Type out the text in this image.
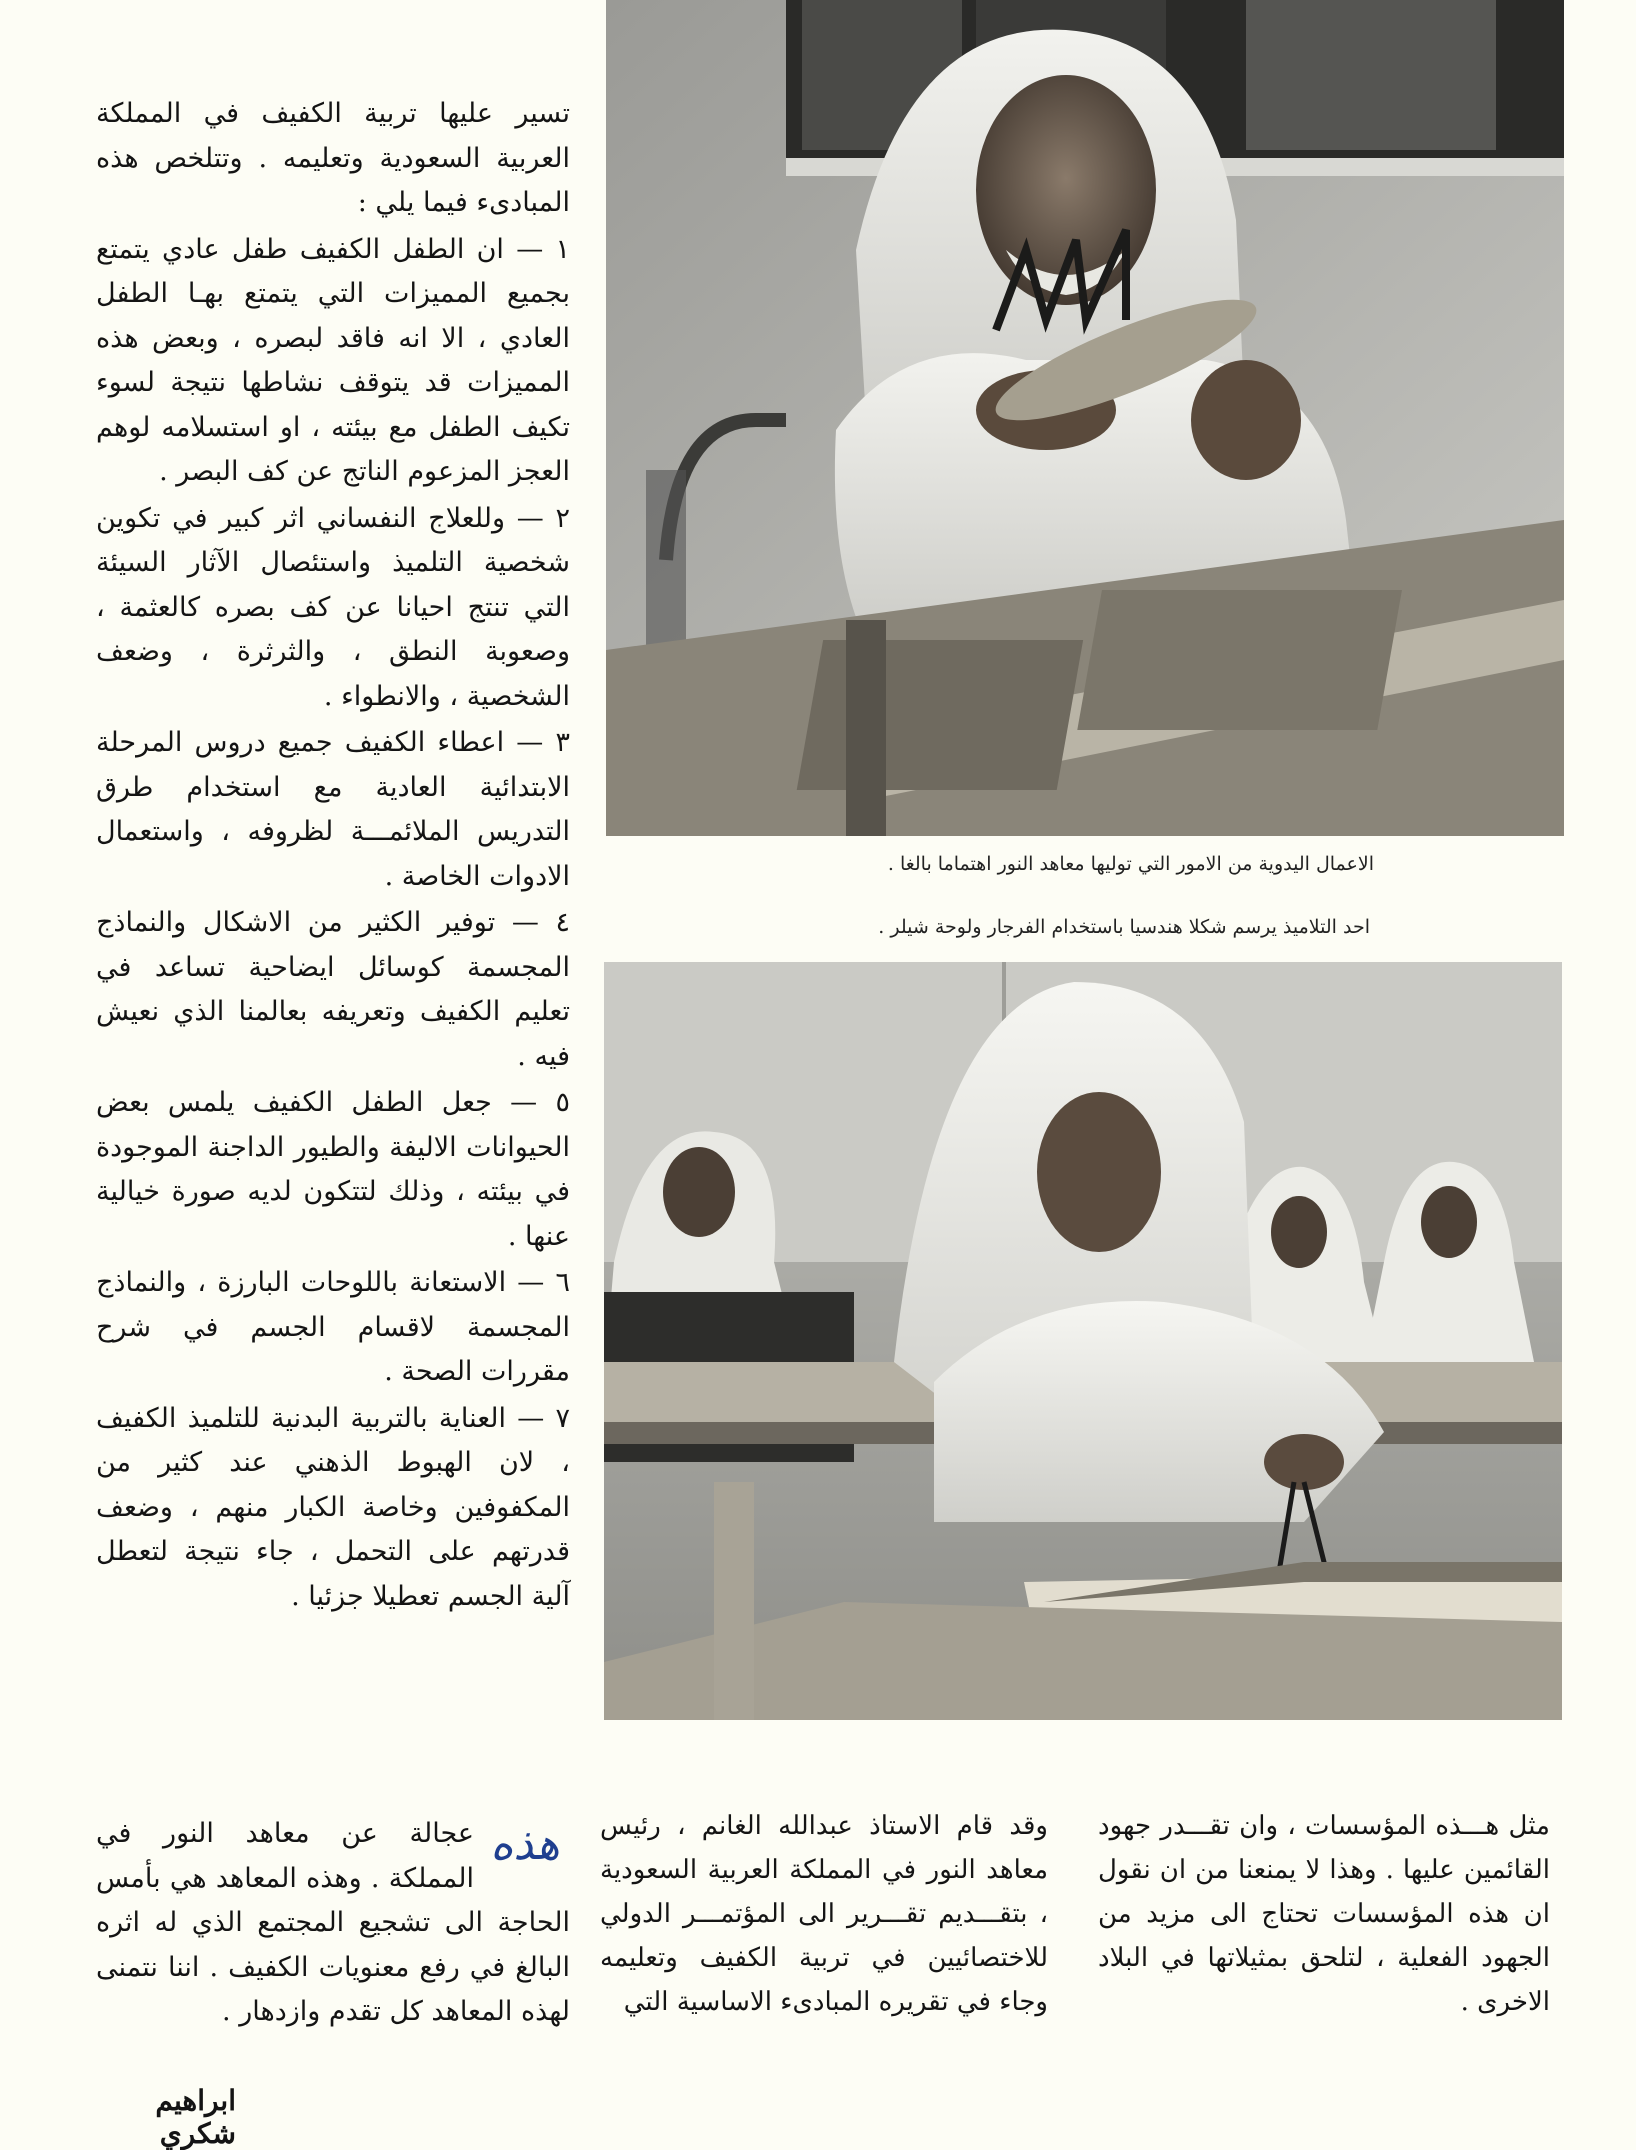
تسير عليها تربية الكفيف في المملكة العربية السعودية وتعليمه . وتتلخص هذه المبادىء فيما يلي :

١ — ان الطفل الكفيف طفل عادي يتمتع بجميع المميزات التي يتمتع بهـا الطفل العادي ، الا انه فاقد لبصره ، وبعض هذه المميزات قد يتوقف نشاطها نتيجة لسوء تكيف الطفل مع بيئته ، او استسلامه لوهم العجز المزعوم الناتج عن كف البصر .

٢ — وللعلاج النفساني اثر كبير في تكوين شخصية التلميذ واستئصال الآثار السيئة التي تنتج احيانا عن كف بصره كالعثمة ، وصعوبة النطق ، والثرثرة ، وضعف الشخصية ، والانطواء .

٣ — اعطاء الكفيف جميع دروس المرحلة الابتدائية العادية مع استخدام طرق التدريس الملائمـــة لظروفه ، واستعمال الادوات الخاصة .

٤ — توفير الكثير من الاشكال والنماذج المجسمة كوسائل ايضاحية تساعد في تعليم الكفيف وتعريفه بعالمنا الذي نعيش فيه .

٥ — جعل الطفل الكفيف يلمس بعض الحيوانات الاليفة والطيور الداجنة الموجودة في بيئته ، وذلك لتتكون لديه صورة خيالية عنها .

٦ — الاستعانة باللوحات البارزة ، والنماذج المجسمة لاقسام الجسم في شرح مقررات الصحة .

٧ — العناية بالتربية البدنية للتلميذ الكفيف ، لان الهبوط الذهني عند كثير من المكفوفين وخاصة الكبار منهم ، وضعف قدرتهم على التحمل ، جاء نتيجة لتعطل آلية الجسم تعطيلا جزئيا .

الاعمال اليدوية من الامور التي توليها معاهد النور اهتماما بالغا .
احد التلاميذ يرسم شكلا هندسيا باستخدام الفرجار ولوحة شيلر .
مثل هـــذه المؤسسات ، وان تقـــدر جهود القائمين عليها . وهذا لا يمنعنا من ان نقول ان هذه المؤسسات تحتاج الى مزيد من الجهود الفعلية ، لتلحق بمثيلاتها في البلاد الاخرى .
وقد قام الاستاذ عبدالله الغانم ، رئيس معاهد النور في المملكة العربية السعودية ، بتقـــديم تقـــرير الى المؤتمـــر الدولي للاختصائيين في تربية الكفيف وتعليمه وجاء في تقريره المبادىء الاساسية التي
هذه
عجالة عن معاهد النور في المملكة . وهذه المعاهد هي بأمس الحاجة الى تشجيع المجتمع الذي له اثره البالغ في رفع معنويات الكفيف . اننا نتمنى لهذه المعاهد كل تقدم وازدهار .
ابراهيم شكري
